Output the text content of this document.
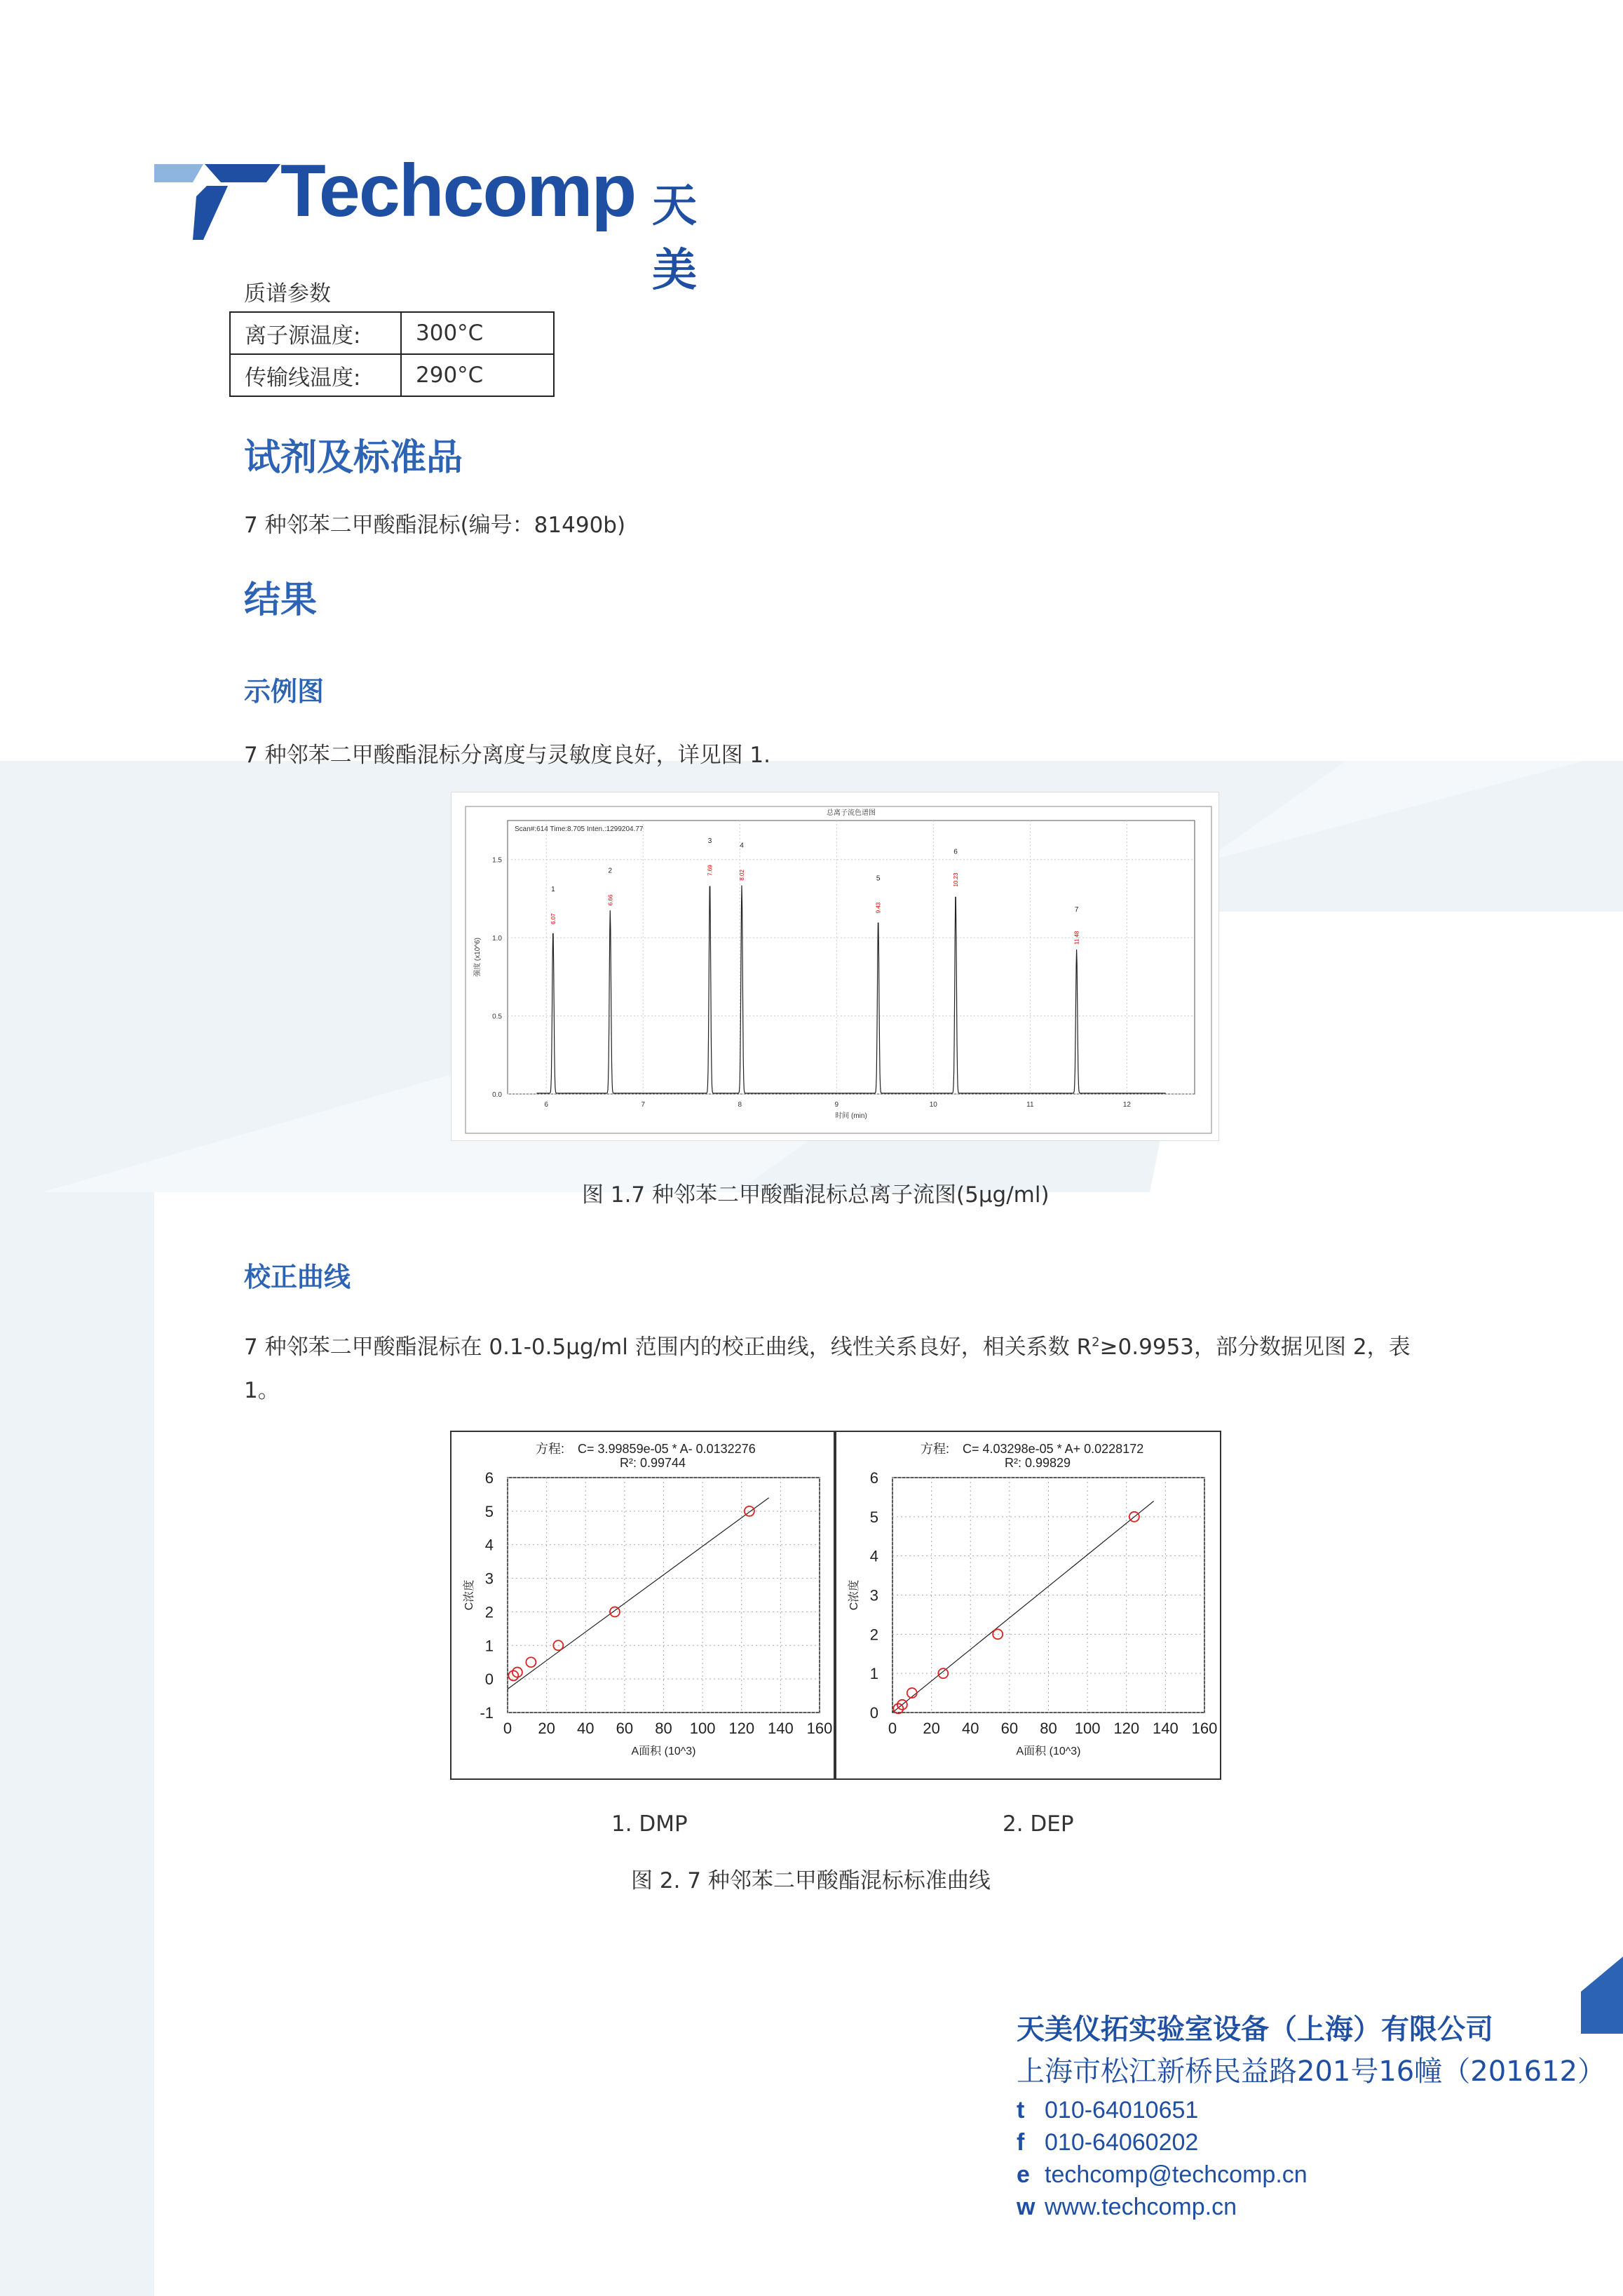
Techcomp 天美
质谱参数
离子源温度:	300°C
传输线温度:	290°C
试剂及标准品
7 种邻苯二甲酸酯混标(编号：81490b)
结果
示例图
7 种邻苯二甲酸酯混标分离度与灵敏度良好，详见图 1.
总离子流色谱图
Scan#:614 Time:8.705 Inten.:1299204.77
6	7	8	9	10	11	12
0.0
0.5
1.0
1.5
时间 (min)
强度 (x10^6)
1
6.07
2
6.66
3
7.69
4
8.02	5
9.43
6
10.23
7
11.48
图 1.7 种邻苯二甲酸酯混标总离子流图(5μg/ml)
校正曲线
7 种邻苯二甲酸酯混标在 0.1-0.5μg/ml 范围内的校正曲线，线性关系良好，相关系数 $R^2\ge 0.9953$，部分数据见图 2，表
1。
方程: C= 3.99859e-05 * A- 0.0132276
R²: 0.99744
0 20 40 60 80 100 120 140 160
-1
0
1
2
3
4
5
6
A面积 (10^3)
C浓度
方程: C= 4.03298e-05 * A+ 0.0228172
R²: 0.99829
0 20 40 60 80 100 120 140 160
0
1
2
3
4
5
6
A面积 (10^3)
C浓度
1. DMP	2. DEP
图 2. 7 种邻苯二甲酸酯混标标准曲线
天美仪拓实验室设备（上海）有限公司
上海市松江新桥民益路201号16幢（201612）
t 010-64010651
f 010-64060202
e techcomp@techcomp.cn
w www.techcomp.cn
